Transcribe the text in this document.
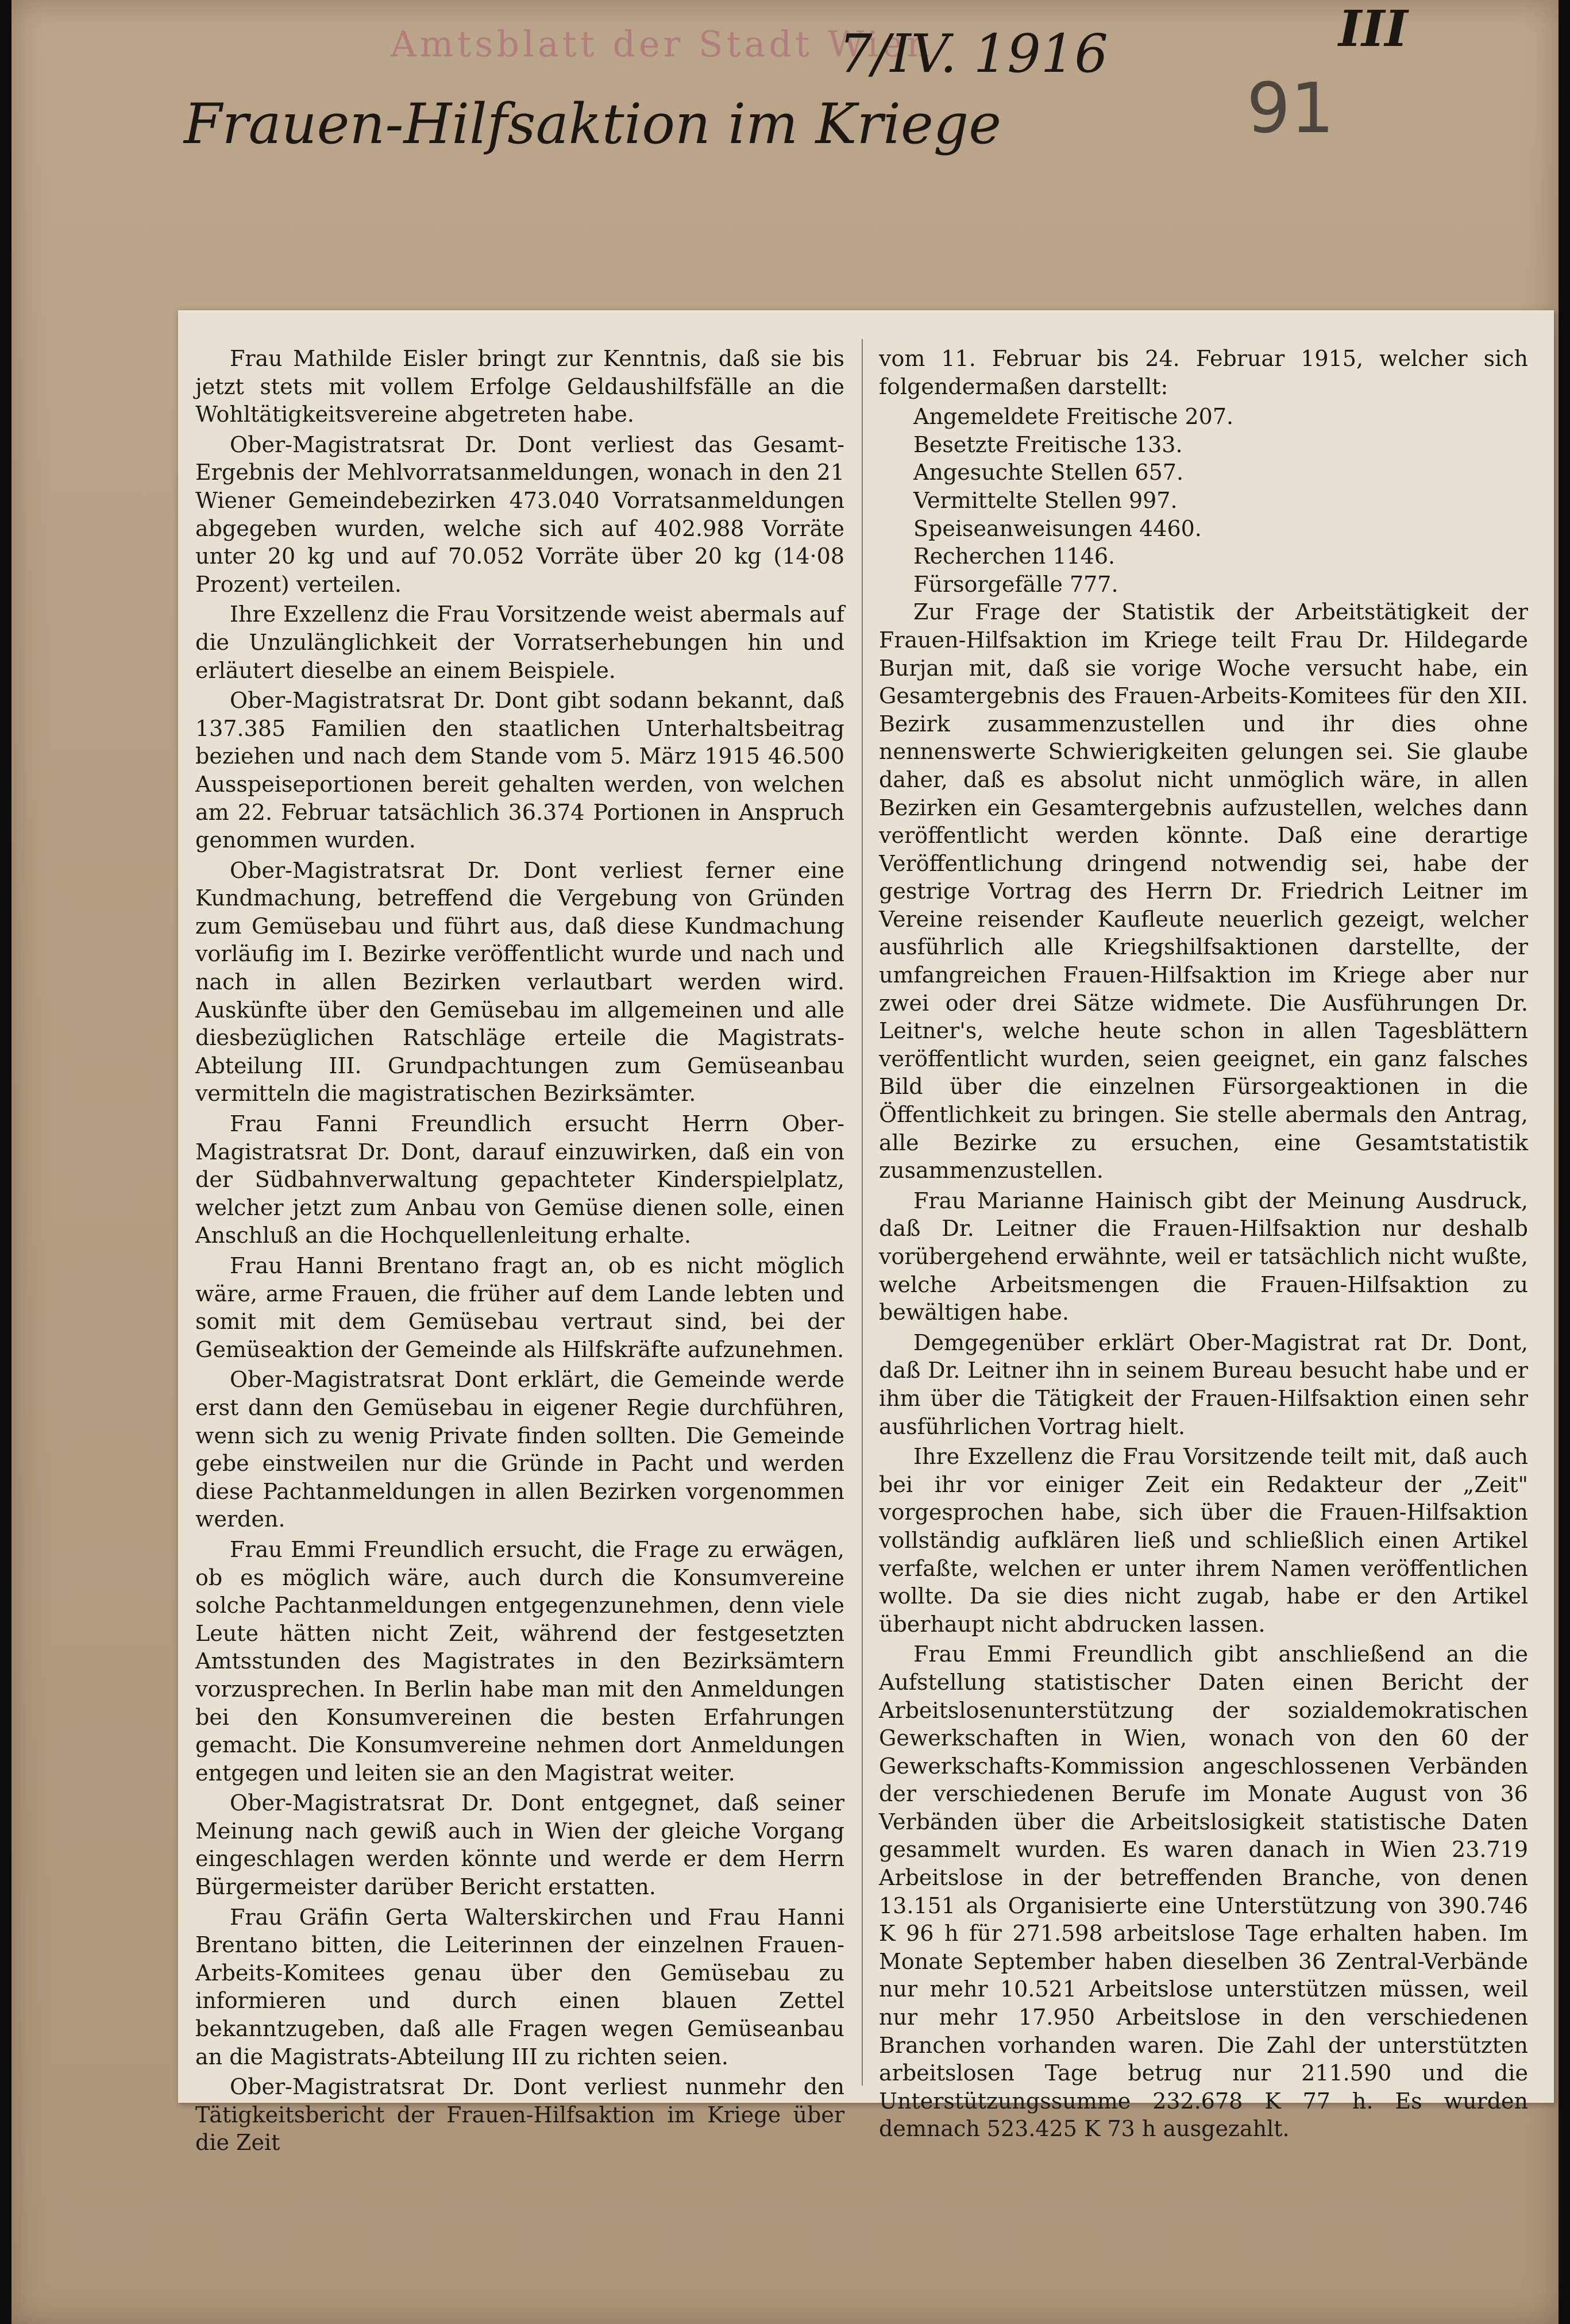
Amtsblatt der Stadt Wien
7/IV. 1916	III
91
Frauen-Hilfsaktion im Kriege

Frau Mathilde Eisler bringt zur Kenntnis, daß sie bis jetzt stets mit vollem Erfolge Geldaushilfsfälle an die Wohltätigkeitsvereine abgetreten habe.

Ober-Magistratsrat Dr. Dont verliest das Gesamt-Ergebnis der Mehlvorratsanmeldungen, wonach in den 21 Wiener Gemeindebezirken 473.040 Vorratsanmeldungen abgegeben wurden, welche sich auf 402.988 Vorräte unter 20 kg und auf 70.052 Vorräte über 20 kg (14·08 Prozent) verteilen.

Ihre Exzellenz die Frau Vorsitzende weist abermals auf die Unzulänglichkeit der Vorratserhebungen hin und erläutert dieselbe an einem Beispiele.

Ober-Magistratsrat Dr. Dont gibt sodann bekannt, daß 137.385 Familien den staatlichen Unterhaltsbeitrag beziehen und nach dem Stande vom 5. März 1915 46.500 Ausspeiseportionen bereit gehalten werden, von welchen am 22. Februar tatsächlich 36.374 Portionen in Anspruch genommen wurden.

Ober-Magistratsrat Dr. Dont verliest ferner eine Kundmachung, betreffend die Vergebung von Gründen zum Gemüsebau und führt aus, daß diese Kundmachung vorläufig im I. Bezirke veröffentlicht wurde und nach und nach in allen Bezirken verlautbart werden wird. Auskünfte über den Gemüsebau im allgemeinen und alle diesbezüglichen Ratschläge erteile die Magistrats-Abteilung III. Grundpachtungen zum Gemüseanbau vermitteln die magistratischen Bezirksämter.

Frau Fanni Freundlich ersucht Herrn Ober-Magistratsrat Dr. Dont, darauf einzuwirken, daß ein von der Südbahnverwaltung gepachteter Kinderspielplatz, welcher jetzt zum Anbau von Gemüse dienen solle, einen Anschluß an die Hochquellenleitung erhalte.

Frau Hanni Brentano fragt an, ob es nicht möglich wäre, arme Frauen, die früher auf dem Lande lebten und somit mit dem Gemüsebau vertraut sind, bei der Gemüseaktion der Gemeinde als Hilfskräfte aufzunehmen.

Ober-Magistratsrat Dont erklärt, die Gemeinde werde erst dann den Gemüsebau in eigener Regie durchführen, wenn sich zu wenig Private finden sollten. Die Gemeinde gebe einstweilen nur die Gründe in Pacht und werden diese Pachtanmeldungen in allen Bezirken vorgenommen werden.

Frau Emmi Freundlich ersucht, die Frage zu erwägen, ob es möglich wäre, auch durch die Konsumvereine solche Pachtanmeldungen entgegenzunehmen, denn viele Leute hätten nicht Zeit, während der festgesetzten Amtsstunden des Magistrates in den Bezirksämtern vorzusprechen. In Berlin habe man mit den Anmeldungen bei den Konsumvereinen die besten Erfahrungen gemacht. Die Konsumvereine nehmen dort Anmeldungen entgegen und leiten sie an den Magistrat weiter.

Ober-Magistratsrat Dr. Dont entgegnet, daß seiner Meinung nach gewiß auch in Wien der gleiche Vorgang eingeschlagen werden könnte und werde er dem Herrn Bürgermeister darüber Bericht erstatten.

Frau Gräfin Gerta Walterskirchen und Frau Hanni Brentano bitten, die Leiterinnen der einzelnen Frauen-Arbeits-Komitees genau über den Gemüsebau zu informieren und durch einen blauen Zettel bekanntzugeben, daß alle Fragen wegen Gemüseanbau an die Magistrats-Abteilung III zu richten seien.

Ober-Magistratsrat Dr. Dont verliest nunmehr den Tätigkeitsbericht der Frauen-Hilfsaktion im Kriege über die Zeit

vom 11. Februar bis 24. Februar 1915, welcher sich folgendermaßen darstellt:

Angemeldete Freitische 207.

Besetzte Freitische 133.

Angesuchte Stellen 657.

Vermittelte Stellen 997.

Speiseanweisungen 4460.

Recherchen 1146.

Fürsorgefälle 777.

Zur Frage der Statistik der Arbeitstätigkeit der Frauen-Hilfsaktion im Kriege teilt Frau Dr. Hildegarde Burjan mit, daß sie vorige Woche versucht habe, ein Gesamtergebnis des Frauen-Arbeits-Komitees für den XII. Bezirk zusammenzustellen und ihr dies ohne nennenswerte Schwierigkeiten gelungen sei. Sie glaube daher, daß es absolut nicht unmöglich wäre, in allen Bezirken ein Gesamtergebnis aufzustellen, welches dann veröffentlicht werden könnte. Daß eine derartige Veröffentlichung dringend notwendig sei, habe der gestrige Vortrag des Herrn Dr. Friedrich Leitner im Vereine reisender Kaufleute neuerlich gezeigt, welcher ausführlich alle Kriegshilfsaktionen darstellte, der umfangreichen Frauen-Hilfsaktion im Kriege aber nur zwei oder drei Sätze widmete. Die Ausführungen Dr. Leitner's, welche heute schon in allen Tagesblättern veröffentlicht wurden, seien geeignet, ein ganz falsches Bild über die einzelnen Fürsorgeaktionen in die Öffentlichkeit zu bringen. Sie stelle abermals den Antrag, alle Bezirke zu ersuchen, eine Gesamtstatistik zusammenzustellen.

Frau Marianne Hainisch gibt der Meinung Ausdruck, daß Dr. Leitner die Frauen-Hilfsaktion nur deshalb vorübergehend erwähnte, weil er tatsächlich nicht wußte, welche Arbeitsmengen die Frauen-Hilfsaktion zu bewältigen habe.

Demgegenüber erklärt Ober-Magistrat rat Dr. Dont, daß Dr. Leitner ihn in seinem Bureau besucht habe und er ihm über die Tätigkeit der Frauen-Hilfsaktion einen sehr ausführlichen Vortrag hielt.

Ihre Exzellenz die Frau Vorsitzende teilt mit, daß auch bei ihr vor einiger Zeit ein Redakteur der „Zeit" vorgesprochen habe, sich über die Frauen-Hilfsaktion vollständig aufklären ließ und schließlich einen Artikel verfaßte, welchen er unter ihrem Namen veröffentlichen wollte. Da sie dies nicht zugab, habe er den Artikel überhaupt nicht abdrucken lassen.

Frau Emmi Freundlich gibt anschließend an die Aufstellung statistischer Daten einen Bericht der Arbeitslosenunterstützung der sozialdemokratischen Gewerkschaften in Wien, wonach von den 60 der Gewerkschafts-Kommission angeschlossenen Verbänden der verschiedenen Berufe im Monate August von 36 Verbänden über die Arbeitslosigkeit statistische Daten gesammelt wurden. Es waren danach in Wien 23.719 Arbeitslose in der betreffenden Branche, von denen 13.151 als Organisierte eine Unterstützung von 390.746 K 96 h für 271.598 arbeitslose Tage erhalten haben. Im Monate September haben dieselben 36 Zentral-Verbände nur mehr 10.521 Arbeitslose unterstützen müssen, weil nur mehr 17.950 Arbeitslose in den verschiedenen Branchen vorhanden waren. Die Zahl der unterstützten arbeitslosen Tage betrug nur 211.590 und die Unterstützungssumme 232.678 K 77 h. Es wurden demnach 523.425 K 73 h ausgezahlt.
